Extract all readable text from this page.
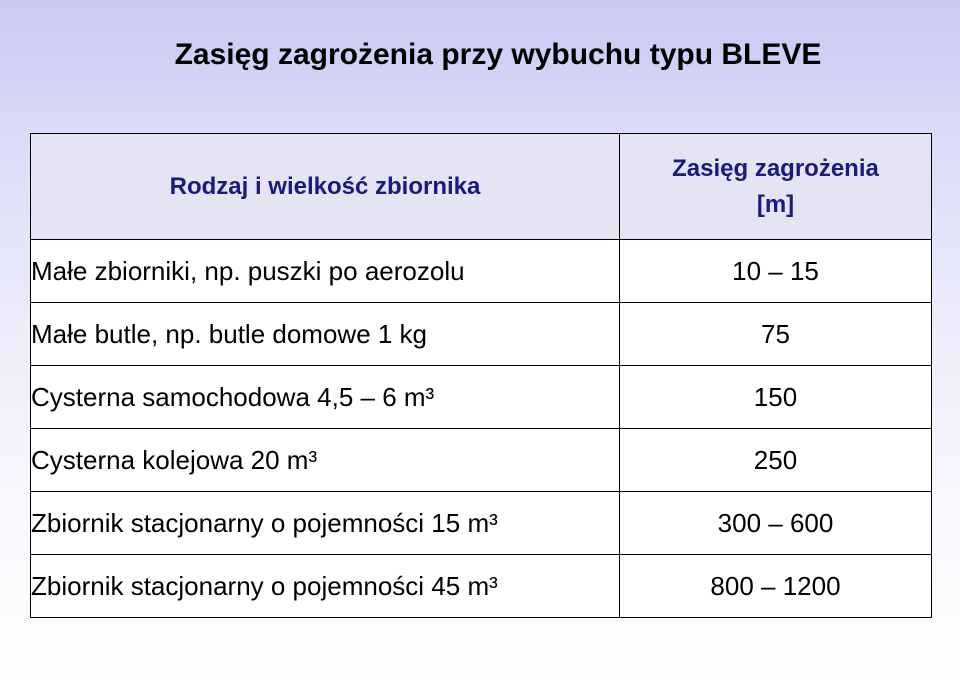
Zasięg zagrożenia przy wybuchu typu BLEVE
Rodzaj i wielkość zbiornika	Zasięg zagrożenia
[m]

Małe zbiorniki, np. puszki po aerozolu	10 – 15
Małe butle, np. butle domowe 1 kg	75
Cysterna samochodowa 4,5 – 6 m³	150
Cysterna kolejowa 20 m³	250
Zbiornik stacjonarny o pojemności 15 m³	300 – 600
Zbiornik stacjonarny o pojemności 45 m³	800 – 1200
